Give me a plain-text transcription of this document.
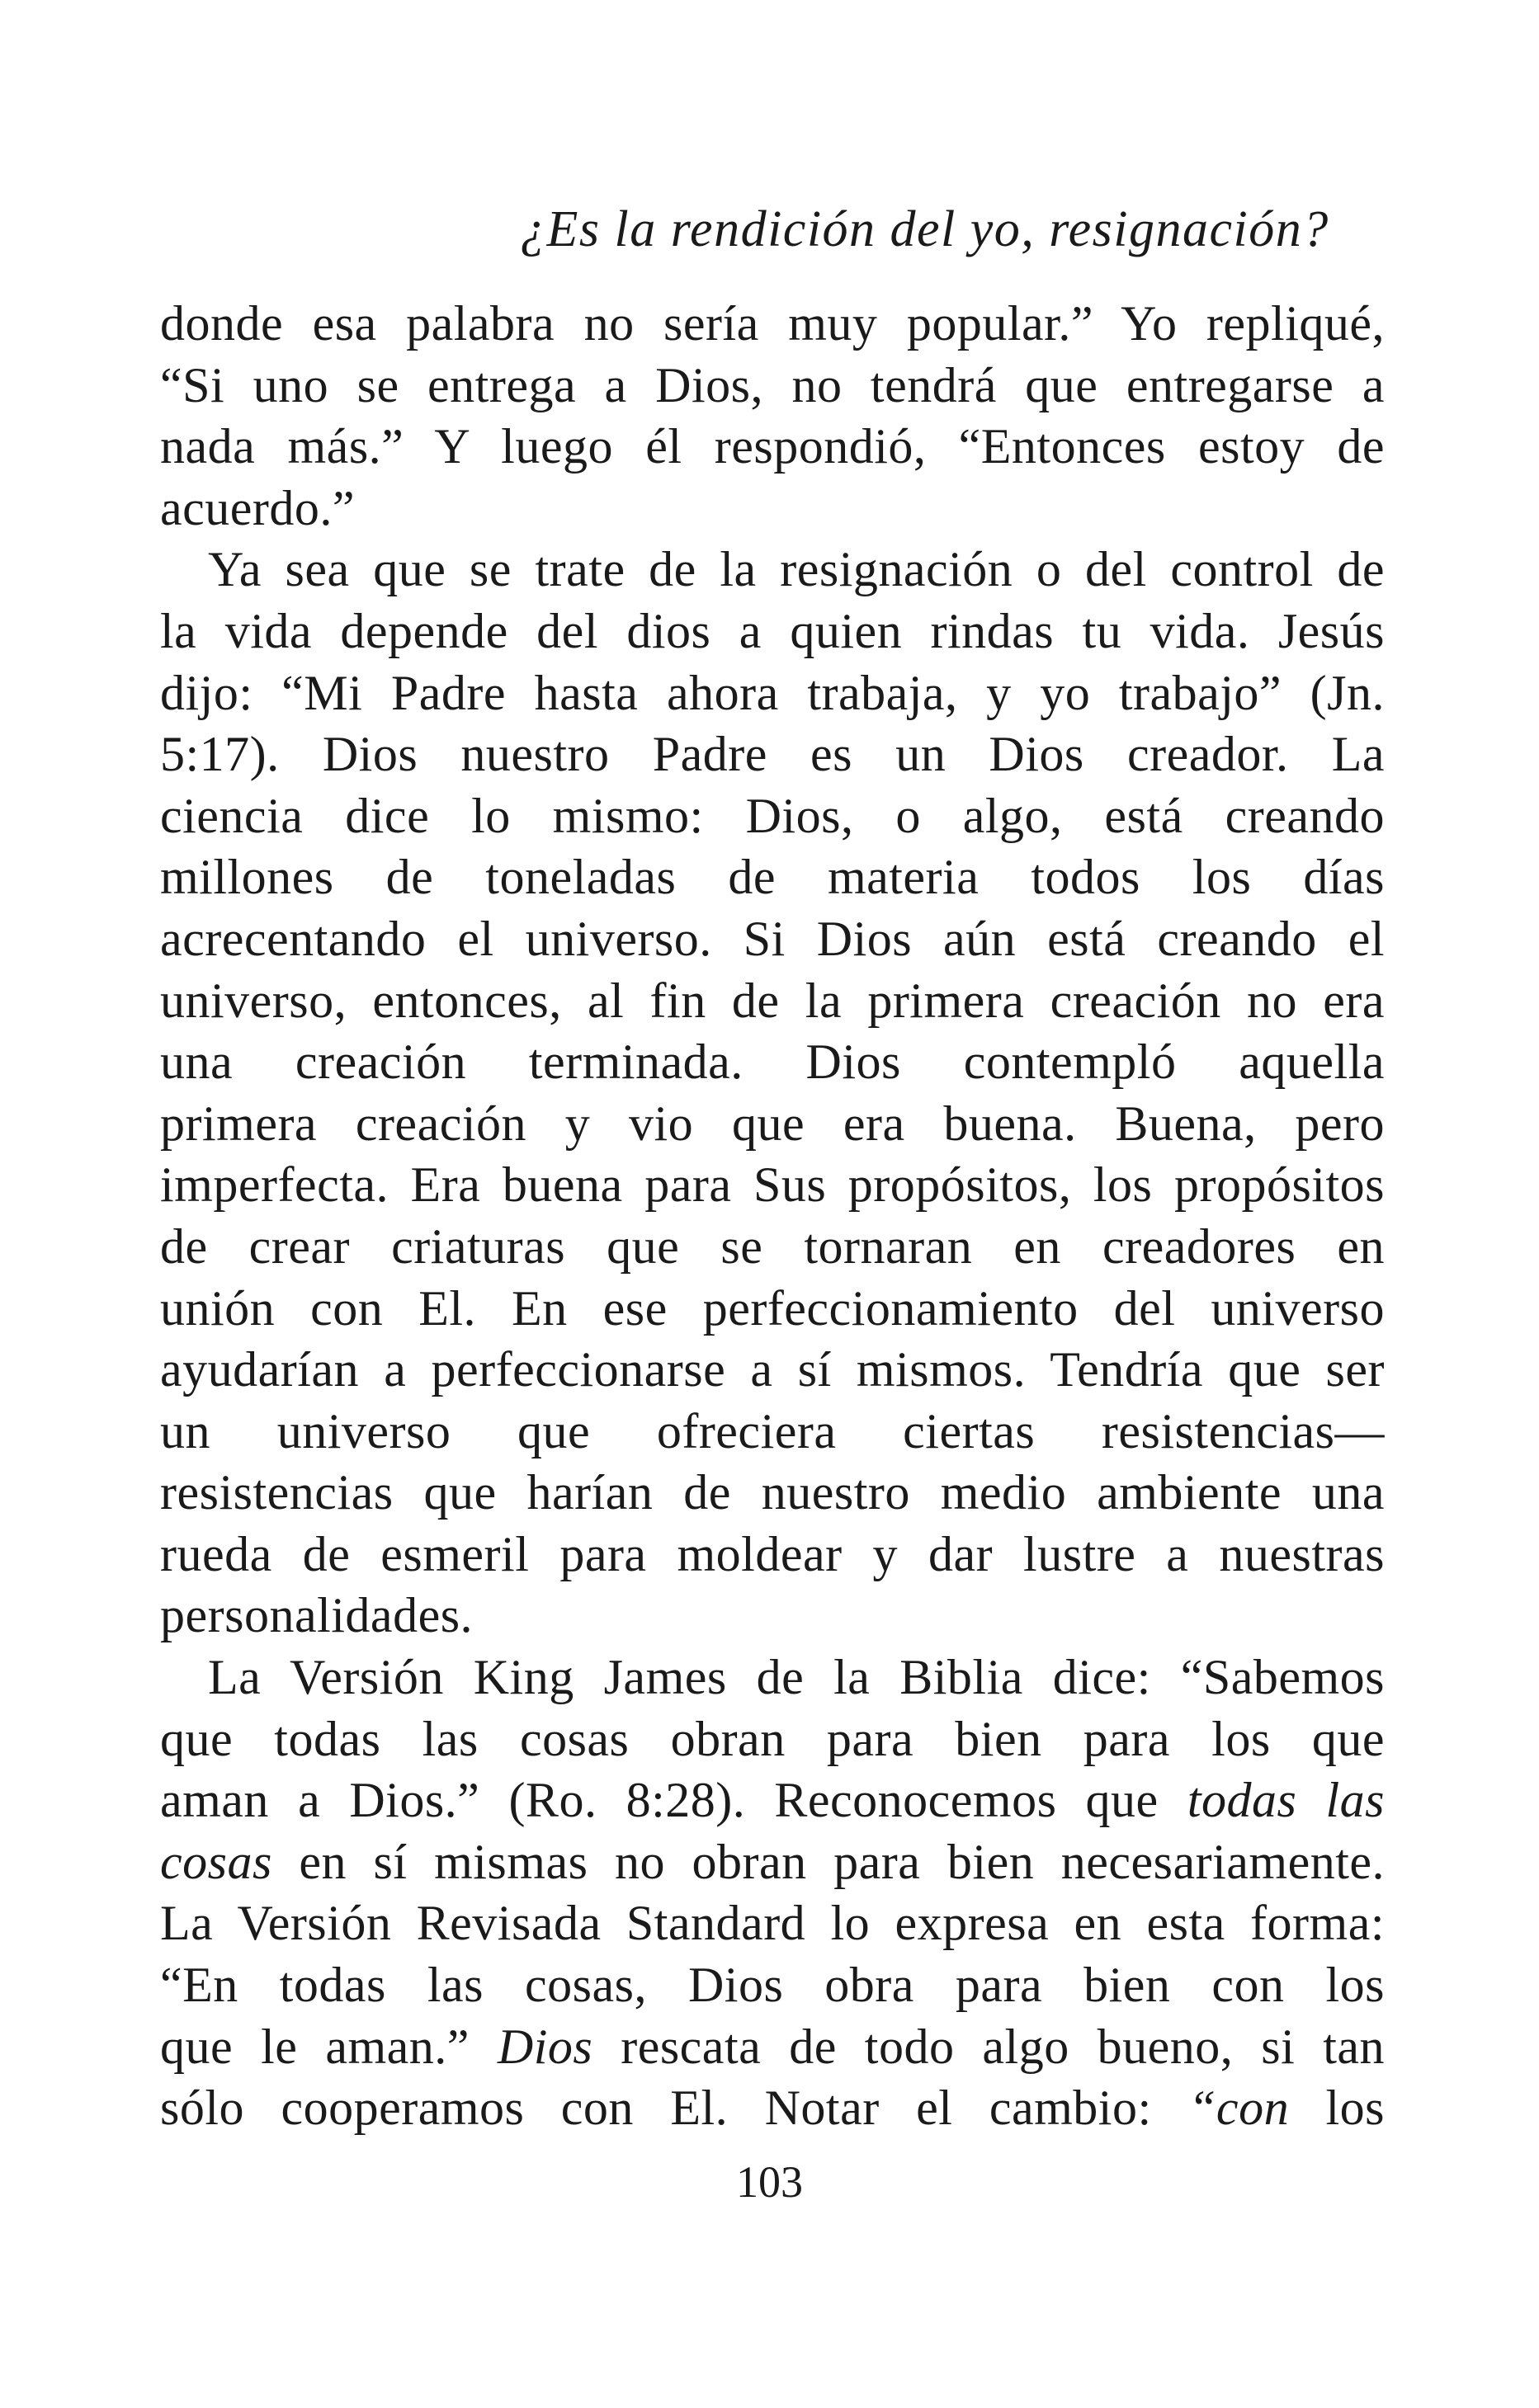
¿Es la rendición del yo, resignación?
donde esa palabra no sería muy popular.” Yo repliqué,
“Si uno se entrega a Dios, no tendrá que entregarse a
nada más.” Y luego él respondió, “Entonces estoy de
acuerdo.”
Ya sea que se trate de la resignación o del control de
la vida depende del dios a quien rindas tu vida. Jesús
dijo: “Mi Padre hasta ahora trabaja, y yo trabajo” (Jn.
5:17). Dios nuestro Padre es un Dios creador. La
ciencia dice lo mismo: Dios, o algo, está creando
millones de toneladas de materia todos los días
acrecentando el universo. Si Dios aún está creando el
universo, entonces, al fin de la primera creación no era
una creación terminada. Dios contempló aquella
primera creación y vio que era buena. Buena, pero
imperfecta. Era buena para Sus propósitos, los propósitos
de crear criaturas que se tornaran en creadores en
unión con El. En ese perfeccionamiento del universo
ayudarían a perfeccionarse a sí mismos. Tendría que ser
un universo que ofreciera ciertas resistencias—
resistencias que harían de nuestro medio ambiente una
rueda de esmeril para moldear y dar lustre a nuestras
personalidades.
La Versión King James de la Biblia dice: “Sabemos
que todas las cosas obran para bien para los que
aman a Dios.” (Ro. 8:28). Reconocemos que todas las
cosas en sí mismas no obran para bien necesariamente.
La Versión Revisada Standard lo expresa en esta forma:
“En todas las cosas, Dios obra para bien con los
que le aman.” Dios rescata de todo algo bueno, si tan
sólo cooperamos con El. Notar el cambio: “con los
103
